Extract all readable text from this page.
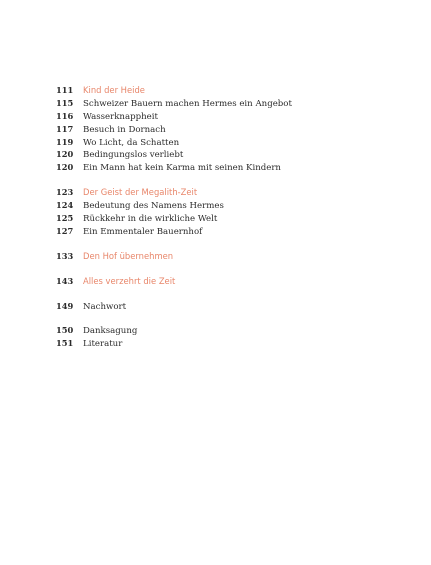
111	Kind der Heide
115	Schweizer Bauern machen Hermes ein Angebot
116	Wasserknappheit
117	Besuch in Dornach
119	Wo Licht, da Schatten
120	Bedingungslos verliebt
120	Ein Mann hat kein Karma mit seinen Kindern
123	Der Geist der Megalith-Zeit
124	Bedeutung des Namens Hermes
125	Rückkehr in die wirkliche Welt
127	Ein Emmentaler Bauernhof
133	Den Hof übernehmen
143	Alles verzehrt die Zeit
149	Nachwort
150	Danksagung
151	Literatur
